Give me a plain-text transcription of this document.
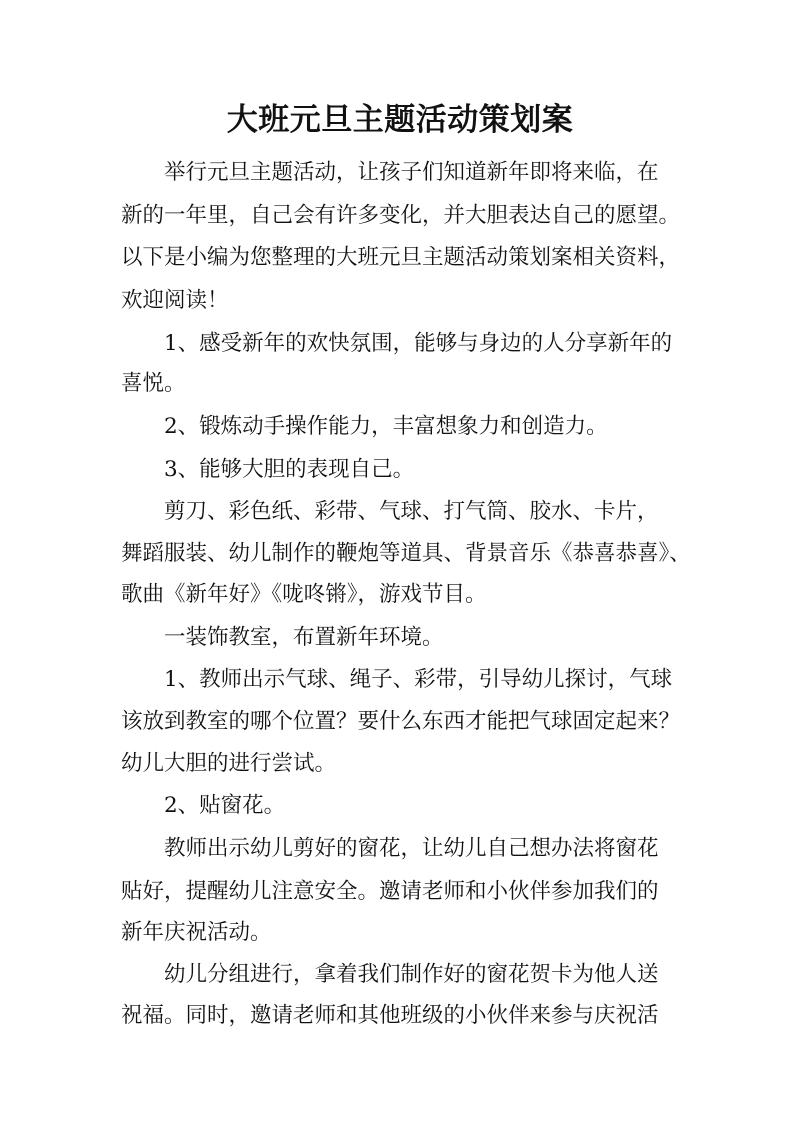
大班元旦主题活动策划案
举行元旦主题活动，让孩子们知道新年即将来临，在
新的一年里，自己会有许多变化，并大胆表达自己的愿望。
以下是小编为您整理的大班元旦主题活动策划案相关资料，
欢迎阅读！
1、感受新年的欢快氛围，能够与身边的人分享新年的
喜悦。
2、锻炼动手操作能力，丰富想象力和创造力。
3、能够大胆的表现自己。
剪刀、彩色纸、彩带、气球、打气筒、胶水、卡片，
舞蹈服装、幼儿制作的鞭炮等道具、背景音乐《恭喜恭喜》、
歌曲《新年好》《咙咚锵》，游戏节目。
一装饰教室，布置新年环境。
1、教师出示气球、绳子、彩带，引导幼儿探讨，气球
该放到教室的哪个位置？要什么东西才能把气球固定起来？
幼儿大胆的进行尝试。
2、贴窗花。
教师出示幼儿剪好的窗花，让幼儿自己想办法将窗花
贴好，提醒幼儿注意安全。邀请老师和小伙伴参加我们的
新年庆祝活动。
幼儿分组进行，拿着我们制作好的窗花贺卡为他人送
祝福。同时，邀请老师和其他班级的小伙伴来参与庆祝活
